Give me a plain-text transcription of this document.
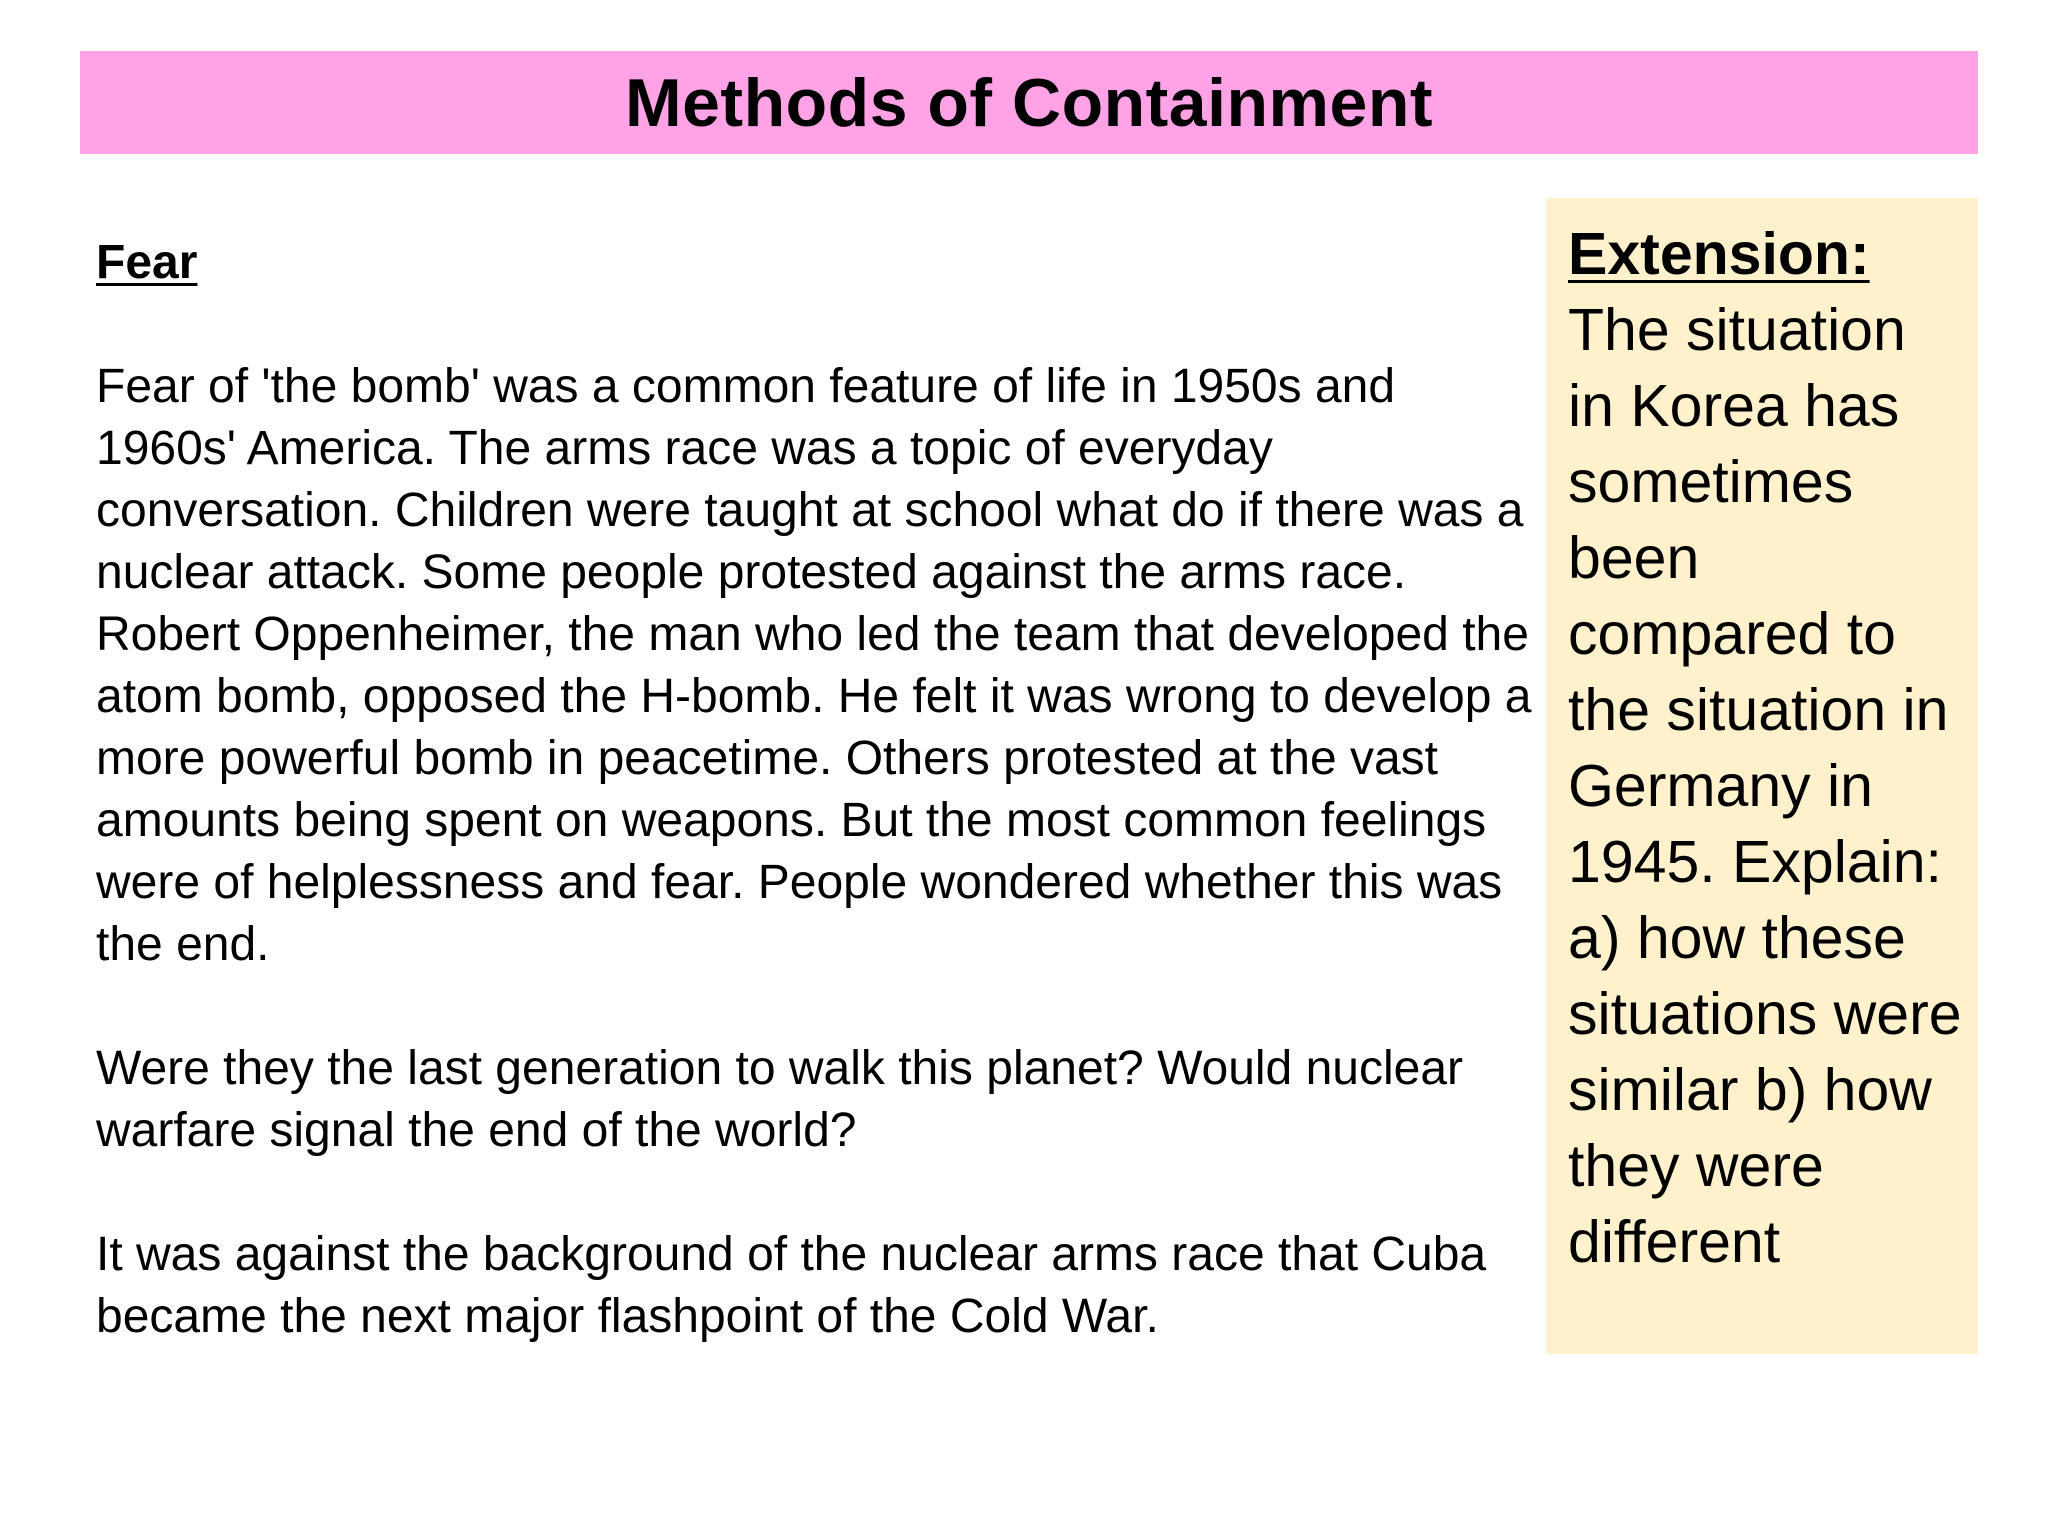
Methods of Containment
Fear

Fear of 'the bomb' was a common feature of life in 1950s and 1960s' America. The arms race was a topic of everyday conversation. Children were taught at school what do if there was a nuclear attack. Some people protested against the arms race. Robert Oppenheimer, the man who led the team that developed the atom bomb, opposed the H-bomb. He felt it was wrong to develop a more powerful bomb in peacetime. Others protested at the vast amounts being spent on weapons. But the most common feelings were of helplessness and fear. People wondered whether this was the end.

Were they the last generation to walk this planet? Would nuclear warfare signal the end of the world?

It was against the background of the nuclear arms race that Cuba became the next major flashpoint of the Cold War.

Extension:
The situation in Korea has sometimes been compared to the situation in Germany in 1945. Explain: a) how these situations were similar b) how they were different
